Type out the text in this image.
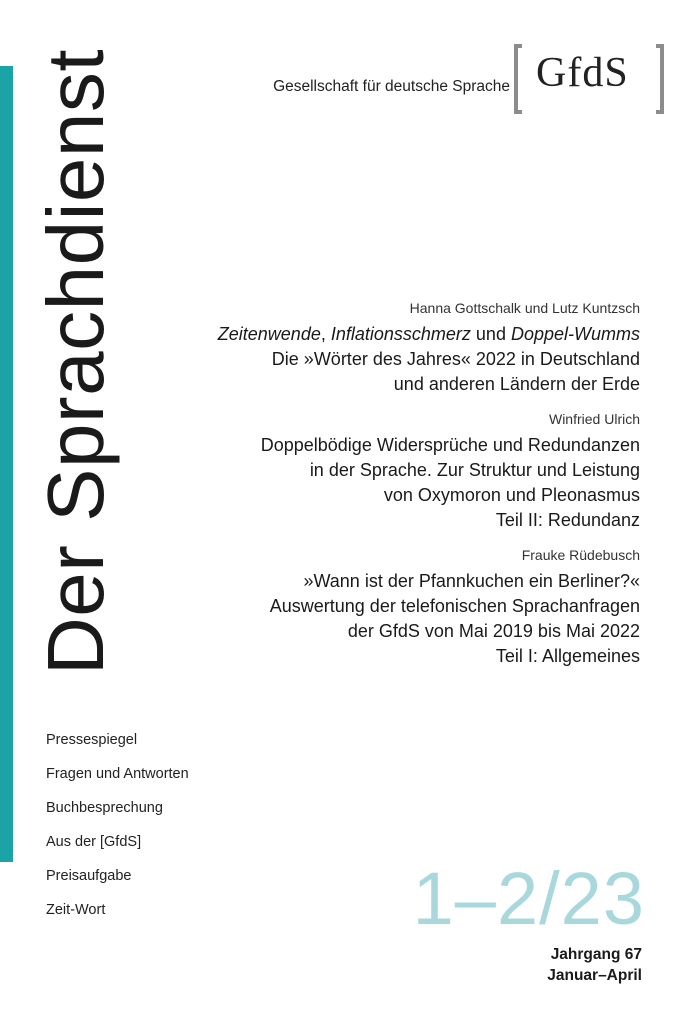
Gesellschaft für deutsche Sprache GfdS
Der Sprachdienst	Hanna Gottschalk und Lutz Kuntzsch
Zeitenwende, Inflationsschmerz und Doppel-Wumms
Die »Wörter des Jahres« 2022 in Deutschland
und anderen Ländern der Erde
Winfried Ulrich
Doppelbödige Widersprüche und Redundanzen
in der Sprache. Zur Struktur und Leistung
von Oxymoron und Pleonasmus
Teil II: Redundanz
Frauke Rüdebusch
»Wann ist der Pfannkuchen ein Berliner?«
Auswertung der telefonischen Sprachanfragen
der GfdS von Mai 2019 bis Mai 2022
Teil I: Allgemeines
Pressespiegel
Fragen und Antworten
Buchbesprechung
Aus der [GfdS]
Preisaufgabe
Zeit-Wort	1–2/23
Jahrgang 67
Januar–April
